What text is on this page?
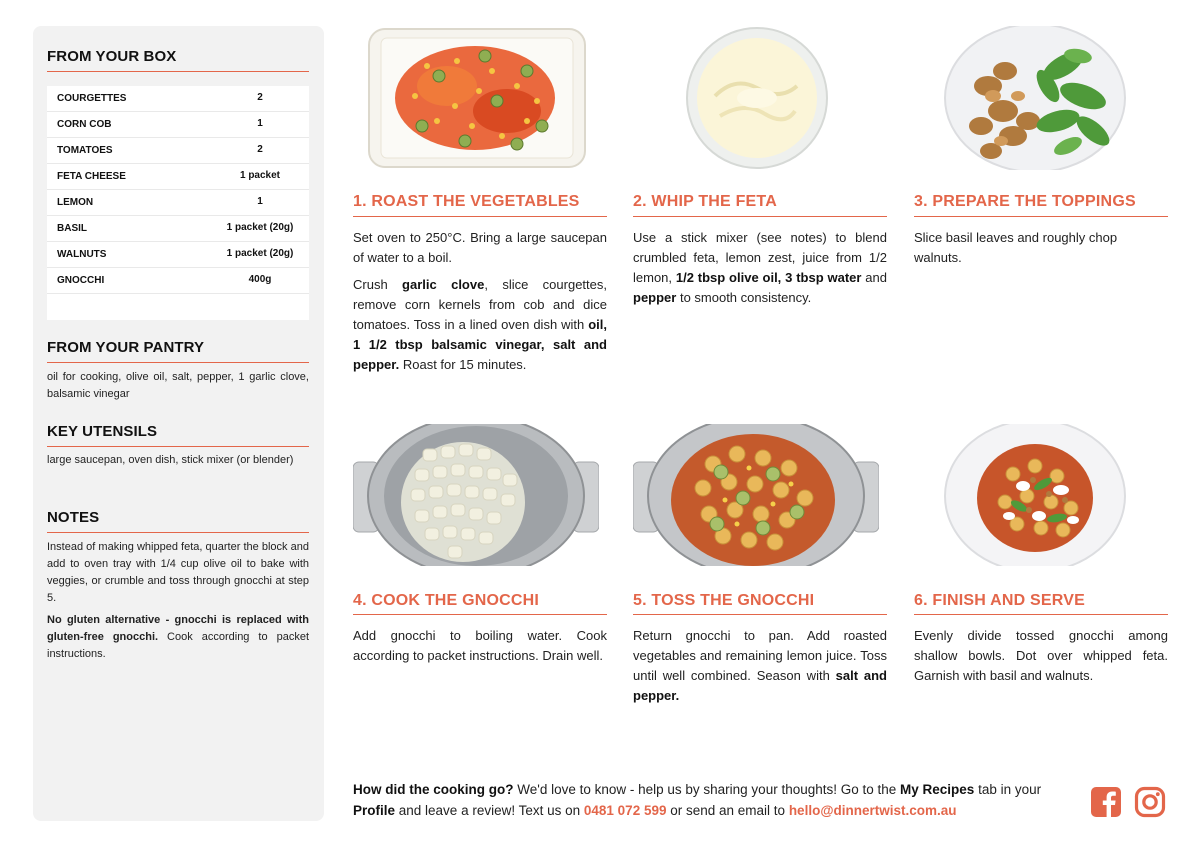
FROM YOUR BOX
COURGETTES	2
CORN COB	1
TOMATOES	2
FETA CHEESE	1 packet
LEMON	1
BASIL	1 packet (20g)
WALNUTS	1 packet (20g)
GNOCCHI	400g
FROM YOUR PANTRY
oil for cooking, olive oil, salt, pepper, 1 garlic clove, balsamic vinegar
KEY UTENSILS
large saucepan, oven dish, stick mixer (or blender)
NOTES

Instead of making whipped feta, quarter the block and add to oven tray with 1/4 cup olive oil to bake with veggies, or crumble and toss through gnocchi at step 5.

No gluten alternative - gnocchi is replaced with gluten-free gnocchi. Cook according to packet instructions.

1. ROAST THE VEGETABLES

Set oven to 250°C. Bring a large saucepan of water to a boil.

Crush garlic clove, slice courgettes, remove corn kernels from cob and dice tomatoes. Toss in a lined oven dish with oil, 1 1/2 tbsp balsamic vinegar, salt and pepper. Roast for 15 minutes.

2. WHIP THE FETA

Use a stick mixer (see notes) to blend crumbled feta, lemon zest, juice from 1/2 lemon, 1/2 tbsp olive oil, 3 tbsp water and pepper to smooth consistency.

3. PREPARE THE TOPPINGS

Slice basil leaves and roughly chop walnuts.

4. COOK THE GNOCCHI

Add gnocchi to boiling water. Cook according to packet instructions. Drain well.

5. TOSS THE GNOCCHI

Return gnocchi to pan. Add roasted vegetables and remaining lemon juice. Toss until well combined. Season with salt and pepper.

6. FINISH AND SERVE

Evenly divide tossed gnocchi among shallow bowls. Dot over whipped feta. Garnish with basil and walnuts.

How did the cooking go? We'd love to know - help us by sharing your thoughts! Go to the My Recipes tab in your Profile and leave a review! Text us on 0481 072 599 or send an email to hello@dinnertwist.com.au
